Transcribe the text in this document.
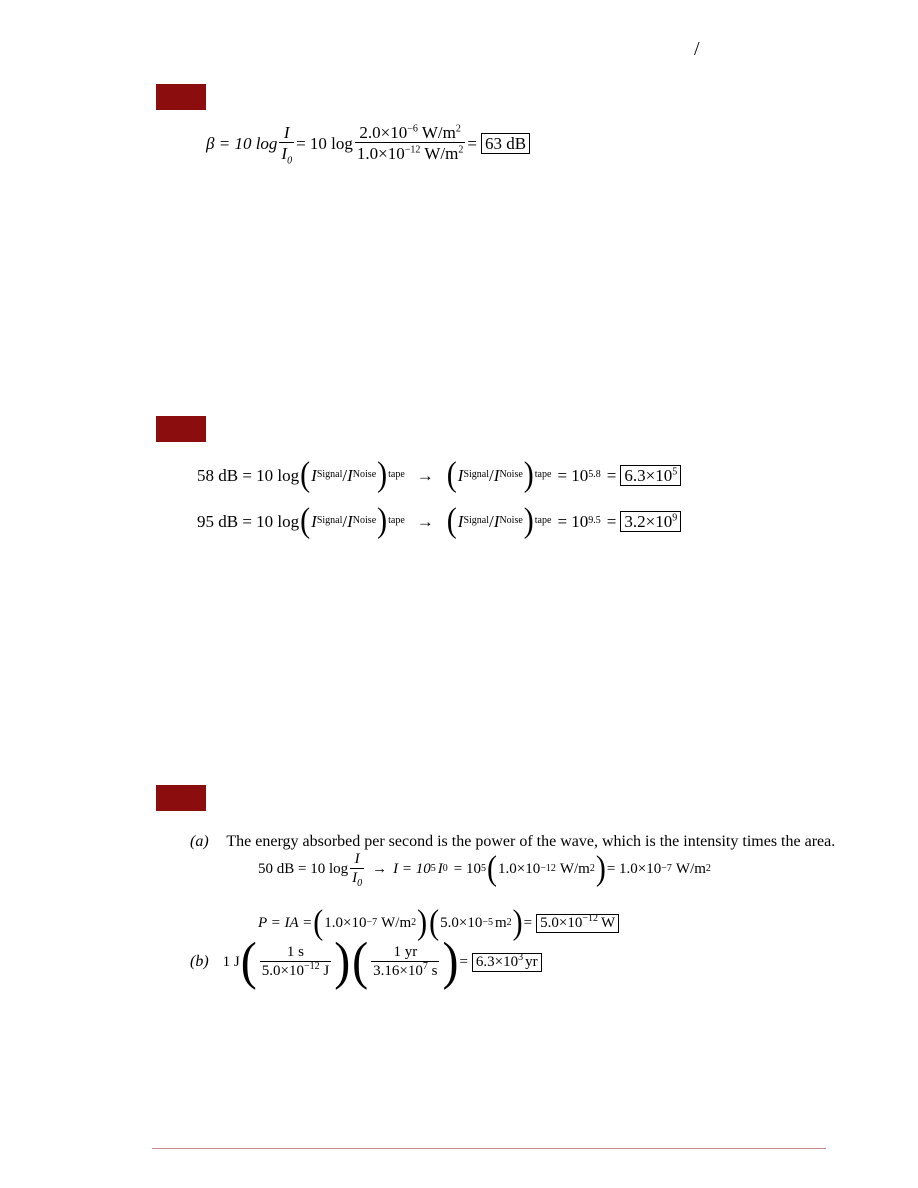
/
β = 10 $\log \frac{I}{I_0} = 10$ $\log \frac{2.0\times 10^{-6} W/m^2}{1.0\times 10^{-12} W/m^2} = 63$ dB
58 dB = 10 log ( I Signal / I Noise ) tape → ( I Signal / I Noise ) tape = 10 $5.8 = 6.3\times 10^5$
95 dB = 10 log ( I Signal / I Noise ) tape → ( I Signal / I Noise ) tape = 10 $9.5 = 3.2\times 10^9$
(a) The energy absorbed per second is the power of the wave, which is the intensity times the area.
50 dB = 10 $\log \frac{I}{I_0} \to I = 10$ 5 I 0 = 10 5 ( 1.0×10 −12 W/m 2 ) = 1.0×10 −7 W/m 2
P = IA = ( 1.0×10 −7 W/m 2 ) ( 5.0×10 −5 m 2 ) = $5.0\times 10^{-12}$ W
(b) 1 J ( $\frac{1 s}{5.0\times 10^{-12} J}$ ) ( $\frac{1 yr}{3.16\times 10^7 s}$ ) = $6.3\times 10^3$ yr
